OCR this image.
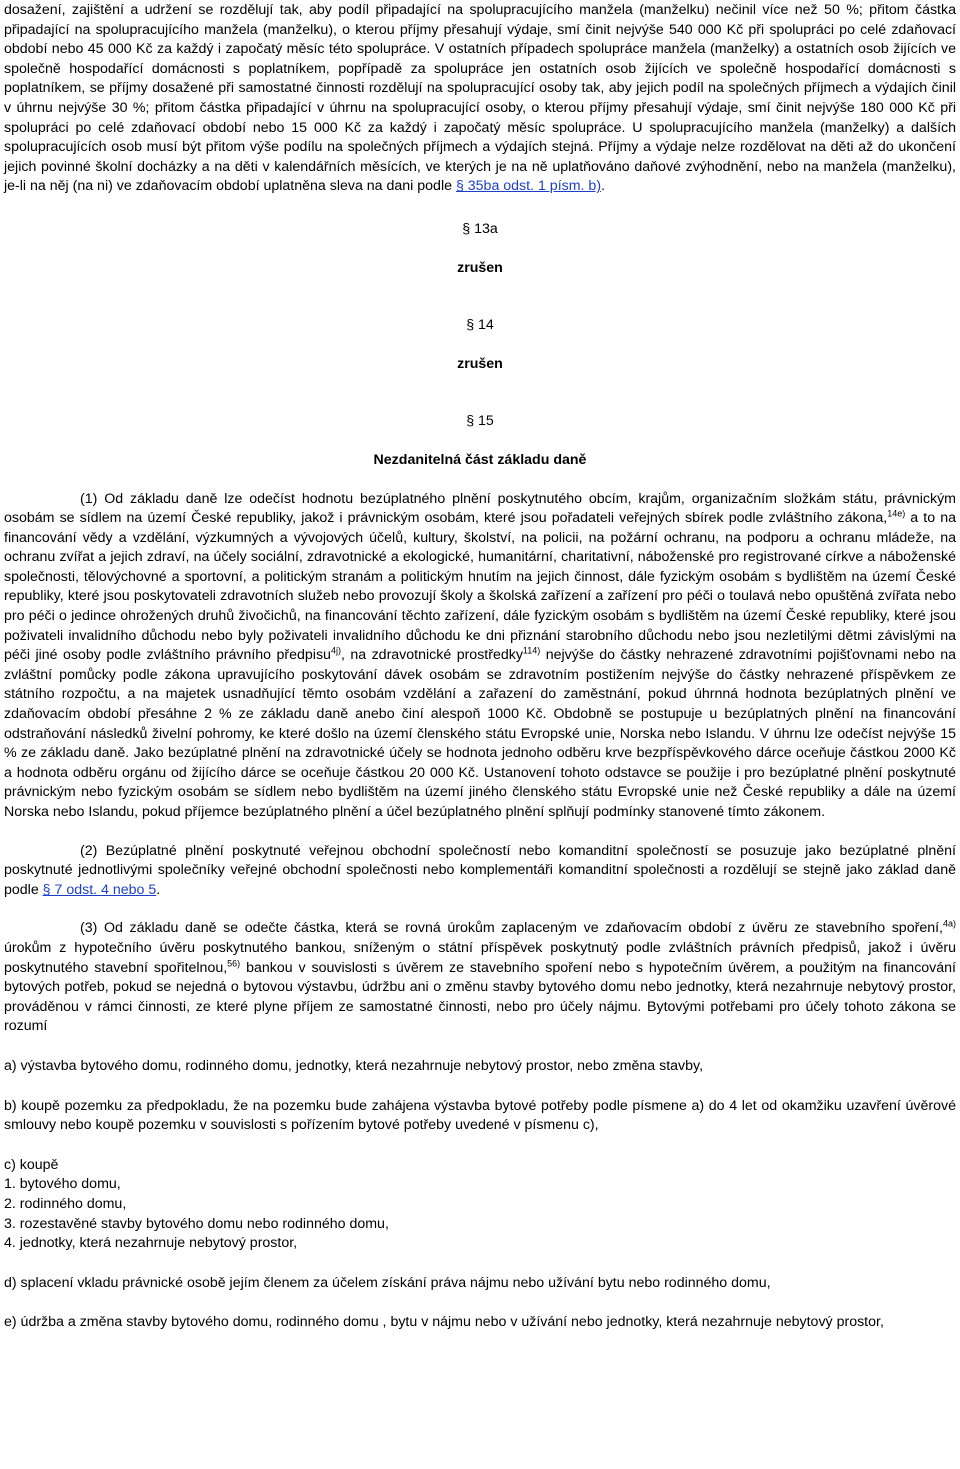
dosažení, zajištění a udržení se rozdělují tak, aby podíl připadající na spolupracujícího manžela (manželku) nečinil více než 50 %; přitom částka připadající na spolupracujícího manžela (manželku), o kterou příjmy přesahují výdaje, smí činit nejvýše 540 000 Kč při spolupráci po celé zdaňovací období nebo 45 000 Kč za každý i započatý měsíc této spolupráce. V ostatních případech spolupráce manžela (manželky) a ostatních osob žijících ve společně hospodařící domácnosti s poplatníkem, popřípadě za spolupráce jen ostatních osob žijících ve společně hospodařící domácnosti s poplatníkem, se příjmy dosažené při samostatné činnosti rozdělují na spolupracující osoby tak, aby jejich podíl na společných příjmech a výdajích činil v úhrnu nejvýše 30 %; přitom částka připadající v úhrnu na spolupracující osoby, o kterou příjmy přesahují výdaje, smí činit nejvýše 180 000 Kč při spolupráci po celé zdaňovací období nebo 15 000 Kč za každý i započatý měsíc spolupráce. U spolupracujícího manžela (manželky) a dalších spolupracujících osob musí být přitom výše podílu na společných příjmech a výdajích stejná. Příjmy a výdaje nelze rozdělovat na děti až do ukončení jejich povinné školní docházky a na děti v kalendářních měsících, ve kterých je na ně uplatňováno daňové zvýhodnění, nebo na manžela (manželku), je-li na něj (na ni) ve zdaňovacím období uplatněna sleva na dani podle § 35ba odst. 1 písm. b).

§ 13a

zrušen

§ 14

zrušen

§ 15

Nezdanitelná část základu daně

(1) Od základu daně lze odečíst hodnotu bezúplatného plnění poskytnutého obcím, krajům, organizačním složkám státu, právnickým osobám se sídlem na území České republiky, jakož i právnickým osobám, které jsou pořadateli veřejných sbírek podle zvláštního zákona,$^{14e)}$ a to na financování vědy a vzdělání, výzkumných a vývojových účelů, kultury, školství, na policii, na požární ochranu, na podporu a ochranu mládeže, na ochranu zvířat a jejich zdraví, na účely sociální, zdravotnické a ekologické, humanitární, charitativní, náboženské pro registrované církve a náboženské společnosti, tělovýchovné a sportovní, a politickým stranám a politickým hnutím na jejich činnost, dále fyzickým osobám s bydlištěm na území České republiky, které jsou poskytovateli zdravotních služeb nebo provozují školy a školská zařízení a zařízení pro péči o toulavá nebo opuštěná zvířata nebo pro péči o jedince ohrožených druhů živočichů, na financování těchto zařízení, dále fyzickým osobám s bydlištěm na území České republiky, které jsou poživateli invalidního důchodu nebo byly poživateli invalidního důchodu ke dni přiznání starobního důchodu nebo jsou nezletilými dětmi závislými na péči jiné osoby podle zvláštního právního předpisu$^{4j)}$, na zdravotnické prostředky$^{114)}$ nejvýše do částky nehrazené zdravotními pojišťovnami nebo na zvláštní pomůcky podle zákona upravujícího poskytování dávek osobám se zdravotním postižením nejvýše do částky nehrazené příspěvkem ze státního rozpočtu, a na majetek usnadňující těmto osobám vzdělání a zařazení do zaměstnání, pokud úhrnná hodnota bezúplatných plnění ve zdaňovacím období přesáhne 2 % ze základu daně anebo činí alespoň 1000 Kč. Obdobně se postupuje u bezúplatných plnění na financování odstraňování následků živelní pohromy, ke které došlo na území členského státu Evropské unie, Norska nebo Islandu. V úhrnu lze odečíst nejvýše 15 % ze základu daně. Jako bezúplatné plnění na zdravotnické účely se hodnota jednoho odběru krve bezpříspěvkového dárce oceňuje částkou 2000 Kč a hodnota odběru orgánu od žijícího dárce se oceňuje částkou 20 000 Kč. Ustanovení tohoto odstavce se použije i pro bezúplatné plnění poskytnuté právnickým nebo fyzickým osobám se sídlem nebo bydlištěm na území jiného členského státu Evropské unie než České republiky a dále na území Norska nebo Islandu, pokud příjemce bezúplatného plnění a účel bezúplatného plnění splňují podmínky stanovené tímto zákonem.

(2) Bezúplatné plnění poskytnuté veřejnou obchodní společností nebo komanditní společností se posuzuje jako bezúplatné plnění poskytnuté jednotlivými společníky veřejné obchodní společnosti nebo komplementáři komanditní společnosti a rozdělují se stejně jako základ daně podle § 7 odst. 4 nebo 5.

(3) Od základu daně se odečte částka, která se rovná úrokům zaplaceným ve zdaňovacím období z úvěru ze stavebního spoření,$^{4a)}$ úrokům z hypotečního úvěru poskytnutého bankou, sníženým o státní příspěvek poskytnutý podle zvláštních právních předpisů, jakož i úvěru poskytnutého stavební spořitelnou,$^{56)}$ bankou v souvislosti s úvěrem ze stavebního spoření nebo s hypotečním úvěrem, a použitým na financování bytových potřeb, pokud se nejedná o bytovou výstavbu, údržbu ani o změnu stavby bytového domu nebo jednotky, která nezahrnuje nebytový prostor, prováděnou v rámci činnosti, ze které plyne příjem ze samostatné činnosti, nebo pro účely nájmu. Bytovými potřebami pro účely tohoto zákona se rozumí

a) výstavba bytového domu, rodinného domu, jednotky, která nezahrnuje nebytový prostor, nebo změna stavby,

b) koupě pozemku za předpokladu, že na pozemku bude zahájena výstavba bytové potřeby podle písmene a) do 4 let od okamžiku uzavření úvěrové smlouvy nebo koupě pozemku v souvislosti s pořízením bytové potřeby uvedené v písmenu c),

c) koupě

1. bytového domu,

2. rodinného domu,

3. rozestavěné stavby bytového domu nebo rodinného domu,

4. jednotky, která nezahrnuje nebytový prostor,

d) splacení vkladu právnické osobě jejím členem za účelem získání práva nájmu nebo užívání bytu nebo rodinného domu,

e) údržba a změna stavby bytového domu, rodinného domu , bytu v nájmu nebo v užívání nebo jednotky, která nezahrnuje nebytový prostor,
